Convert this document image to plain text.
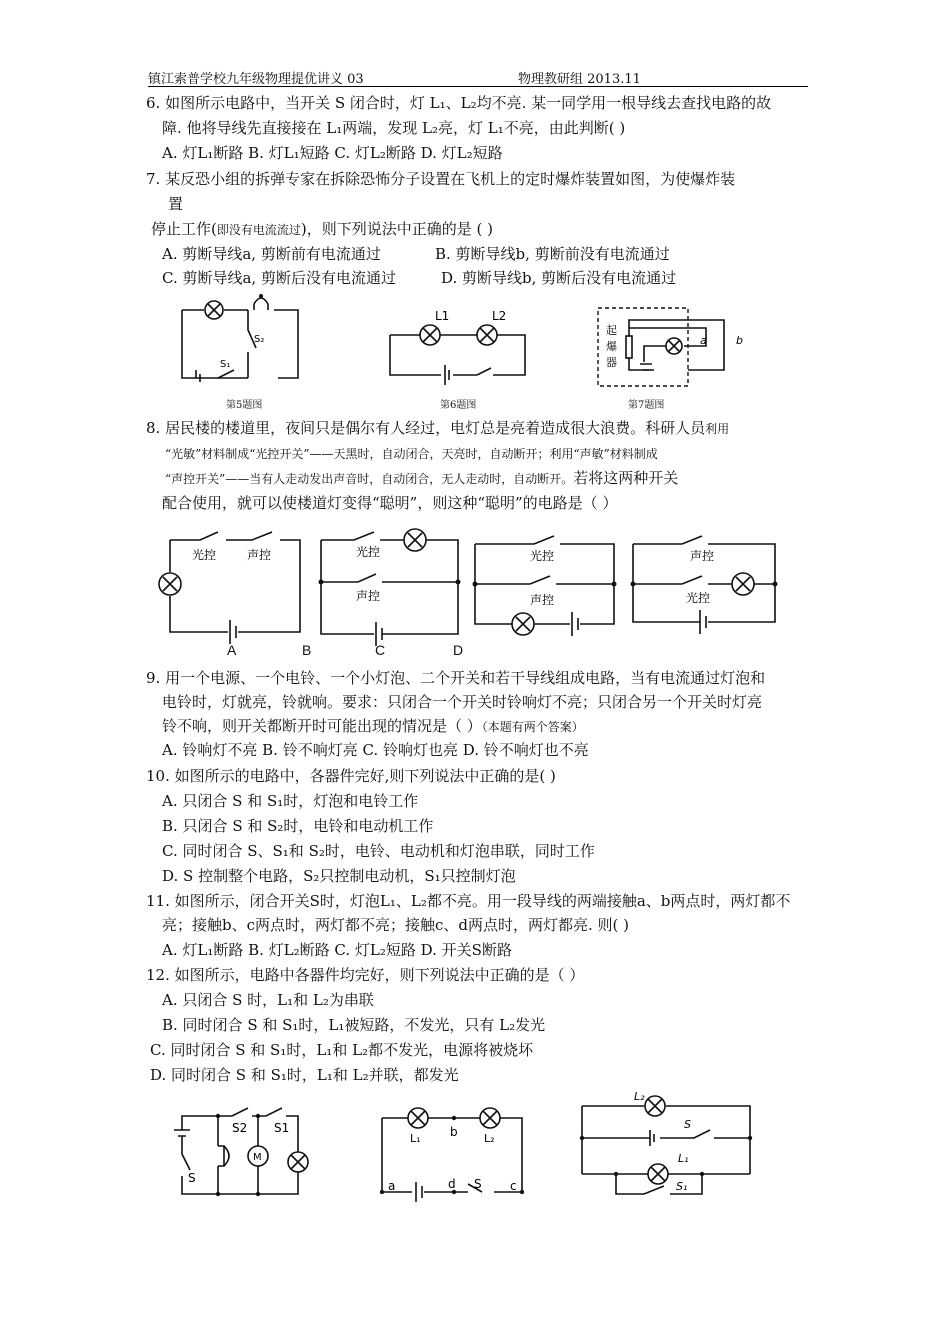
镇江索普学校九年级物理提优讲义 03	物理教研组 2013.11
6. 如图所示电路中，当开关 S 闭合时，灯 L₁、L₂均不亮. 某一同学用一根导线去查找电路的故
障. 他将导线先直接接在 L₁两端，发现 L₂亮，灯 L₁不亮，由此判断( )
A. 灯L₁断路 B. 灯L₁短路 C. 灯L₂断路 D. 灯L₂短路
7. 某反恐小组的拆弹专家在拆除恐怖分子设置在飞机上的定时爆炸装置如图，为使爆炸装
置
停止工作(即没有电流流过)，则下列说法中正确的是 ( )
A. 剪断导线a, 剪断前有电流通过	B. 剪断导线b, 剪断前没有电流通过
C. 剪断导线a, 剪断后没有电流通过	D. 剪断导线b, 剪断后没有电流通过
S₂
S₁
L1	L2
起
爆
器
a	b
第5题图	第6题图	第7题图
8. 居民楼的楼道里，夜间只是偶尔有人经过，电灯总是亮着造成很大浪费。科研人员利用
“光敏”材料制成“光控开关”——天黑时，自动闭合，天亮时，自动断开；利用“声敏”材料制成
“声控开关”——当有人走动发出声音时，自动闭合，无人走动时，自动断开。若将这两种开关
配合使用，就可以使楼道灯变得“聪明”，则这种“聪明”的电路是（ ）
光控	声控	光控
声控
光控
声控
声控
光控
A	B	C	D
9. 用一个电源、一个电铃、一个小灯泡、二个开关和若干导线组成电路，当有电流通过灯泡和
电铃时，灯就亮，铃就响。要求：只闭合一个开关时铃响灯不亮；只闭合另一个开关时灯亮
铃不响，则开关都断开时可能出现的情况是（ ）（本题有两个答案）
A. 铃响灯不亮 B. 铃不响灯亮 C. 铃响灯也亮 D. 铃不响灯也不亮
10. 如图所示的电路中，各器件完好,则下列说法中正确的是( )
A. 只闭合 S 和 S₁时，灯泡和电铃工作
B. 只闭合 S 和 S₂时，电铃和电动机工作
C. 同时闭合 S、S₁和 S₂时，电铃、电动机和灯泡串联，同时工作
D. S 控制整个电路，S₂只控制电动机，S₁只控制灯泡
11. 如图所示，闭合开关S时，灯泡L₁、L₂都不亮。用一段导线的两端接触a、b两点时，两灯都不
亮；接触b、c两点时，两灯都不亮；接触c、d两点时，两灯都亮. 则( )
A. 灯L₁断路 B. 灯L₂断路 C. 灯L₂短路 D. 开关S断路
12. 如图所示，电路中各器件均完好，则下列说法中正确的是（ ）
A. 只闭合 S 时，L₁和 L₂为串联
B. 同时闭合 S 和 S₁时，L₁被短路，不发光，只有 L₂发光
C. 同时闭合 S 和 S₁时，L₁和 L₂都不发光，电源将被烧坏
D. 同时闭合 S 和 S₁时，L₁和 L₂并联，都发光
M
S2 S1
S
L₁ b L₂
a	d S c
L₂
S
L₁
S₁
